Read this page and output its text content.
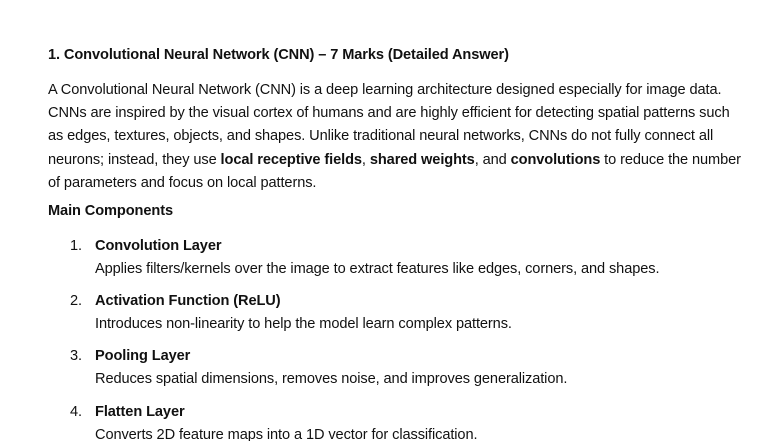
1. Convolutional Neural Network (CNN) – 7 Marks (Detailed Answer)
A Convolutional Neural Network (CNN) is a deep learning architecture designed especially for image data.
CNNs are inspired by the visual cortex of humans and are highly efficient for detecting spatial patterns such
as edges, textures, objects, and shapes. Unlike traditional neural networks, CNNs do not fully connect all
neurons; instead, they use local receptive fields, shared weights, and convolutions to reduce the number
of parameters and focus on local patterns.
Main Components
1. Convolution Layer
Applies filters/kernels over the image to extract features like edges, corners, and shapes.
2. Activation Function (ReLU)
Introduces non-linearity to help the model learn complex patterns.
3. Pooling Layer
Reduces spatial dimensions, removes noise, and improves generalization.
4. Flatten Layer
Converts 2D feature maps into a 1D vector for classification.
